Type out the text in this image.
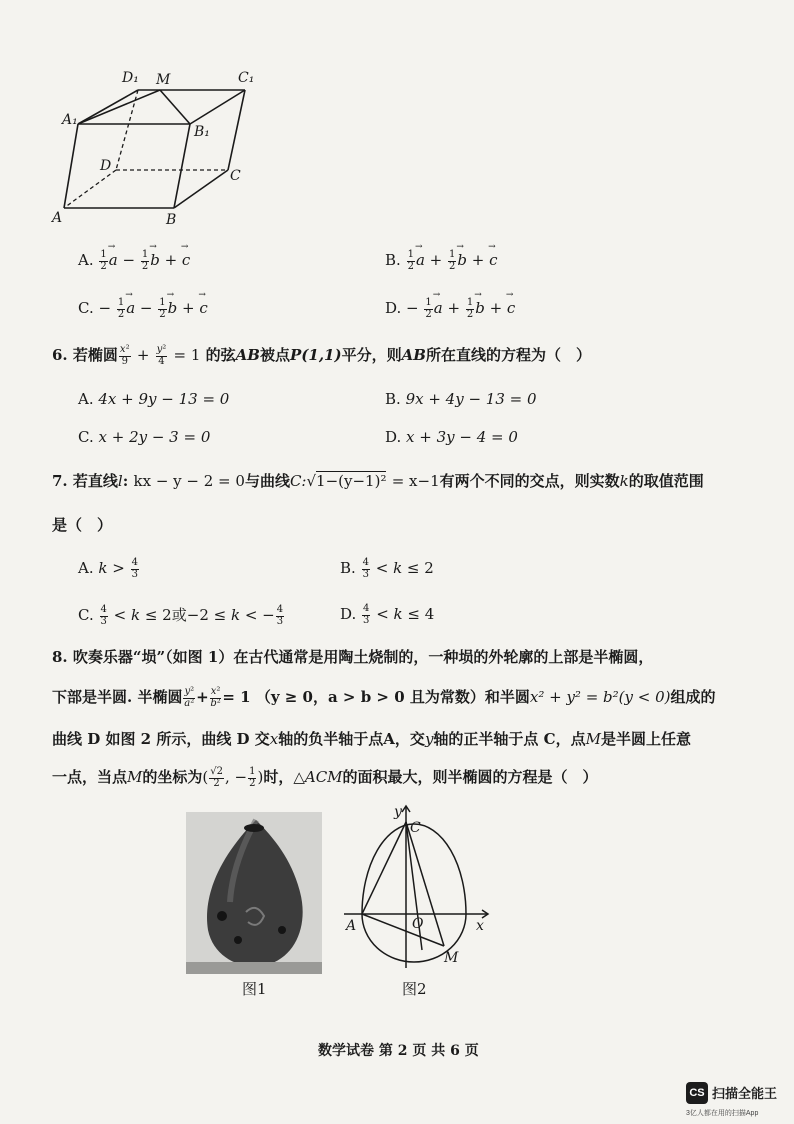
D₁ M	C₁
A₁
B₁
D
C
A	B
A. $\frac{1}{2}$
→ $a - \frac{1}{2}$
→ b + → c	B. $\frac{1}{2}$
→ $a + \frac{1}{2}$
→ b + → c
C. − $\frac{1}{2}$
→ $a - \frac{1}{2}$
→ b + → c	D. − $\frac{1}{2}$
→ $a + \frac{1}{2}$
→ b + → c
6. 若椭圆 $\frac{\text{x²}}{9} + \frac{\text{y²}}{4} = 1$ 的弦AB被点P(1,1)平分，则AB所在直线的方程为（　）
A. 4x + 9y − 13 = 0	B. 9x + 4y − 13 = 0
C. x + 2y − 3 = 0	D. x + 3y − 4 = 0
7. 若直线l: kx − y − 2 = 0与曲线C:√1−(y−1)² = x−1有两个不同的交点，则实数k的取值范围
是（　）
A. $k > \frac{4}{3}$	B. $\frac{4}{3} < k \le 2$
C. $\frac{4}{3} < k \le 2$或−2 ≤ k < − $\frac{4}{3}$	D. $\frac{4}{3} < k \le 4$
8. 吹奏乐器“埙”（如图 1）在古代通常是用陶土烧制的，一种埙的外轮廓的上部是半椭圆，
下部是半圆. 半椭圆 $\frac{\text{y²}}{\text{a²}} + \frac{\text{x²}}{\text{b²}} = 1$ （y ≥ 0，a > b > 0 且为常数）和半圆x² + y² = b²(y < 0)组成的
曲线 D 如图 2 所示，曲线 D 交x轴的负半轴于点A，交y轴的正半轴于点 C，点M是半圆上任意
一点，当点M的坐标为( $\frac{√2}{2}$ , − $\frac{1}{2}$ )时，△ACM的面积最大，则半椭圆的方程是（　）
图1
y
C
A	O	x
M
图2
数学试卷 第 2 页 共 6 页
CS 扫描全能王
3亿人都在用的扫描App
